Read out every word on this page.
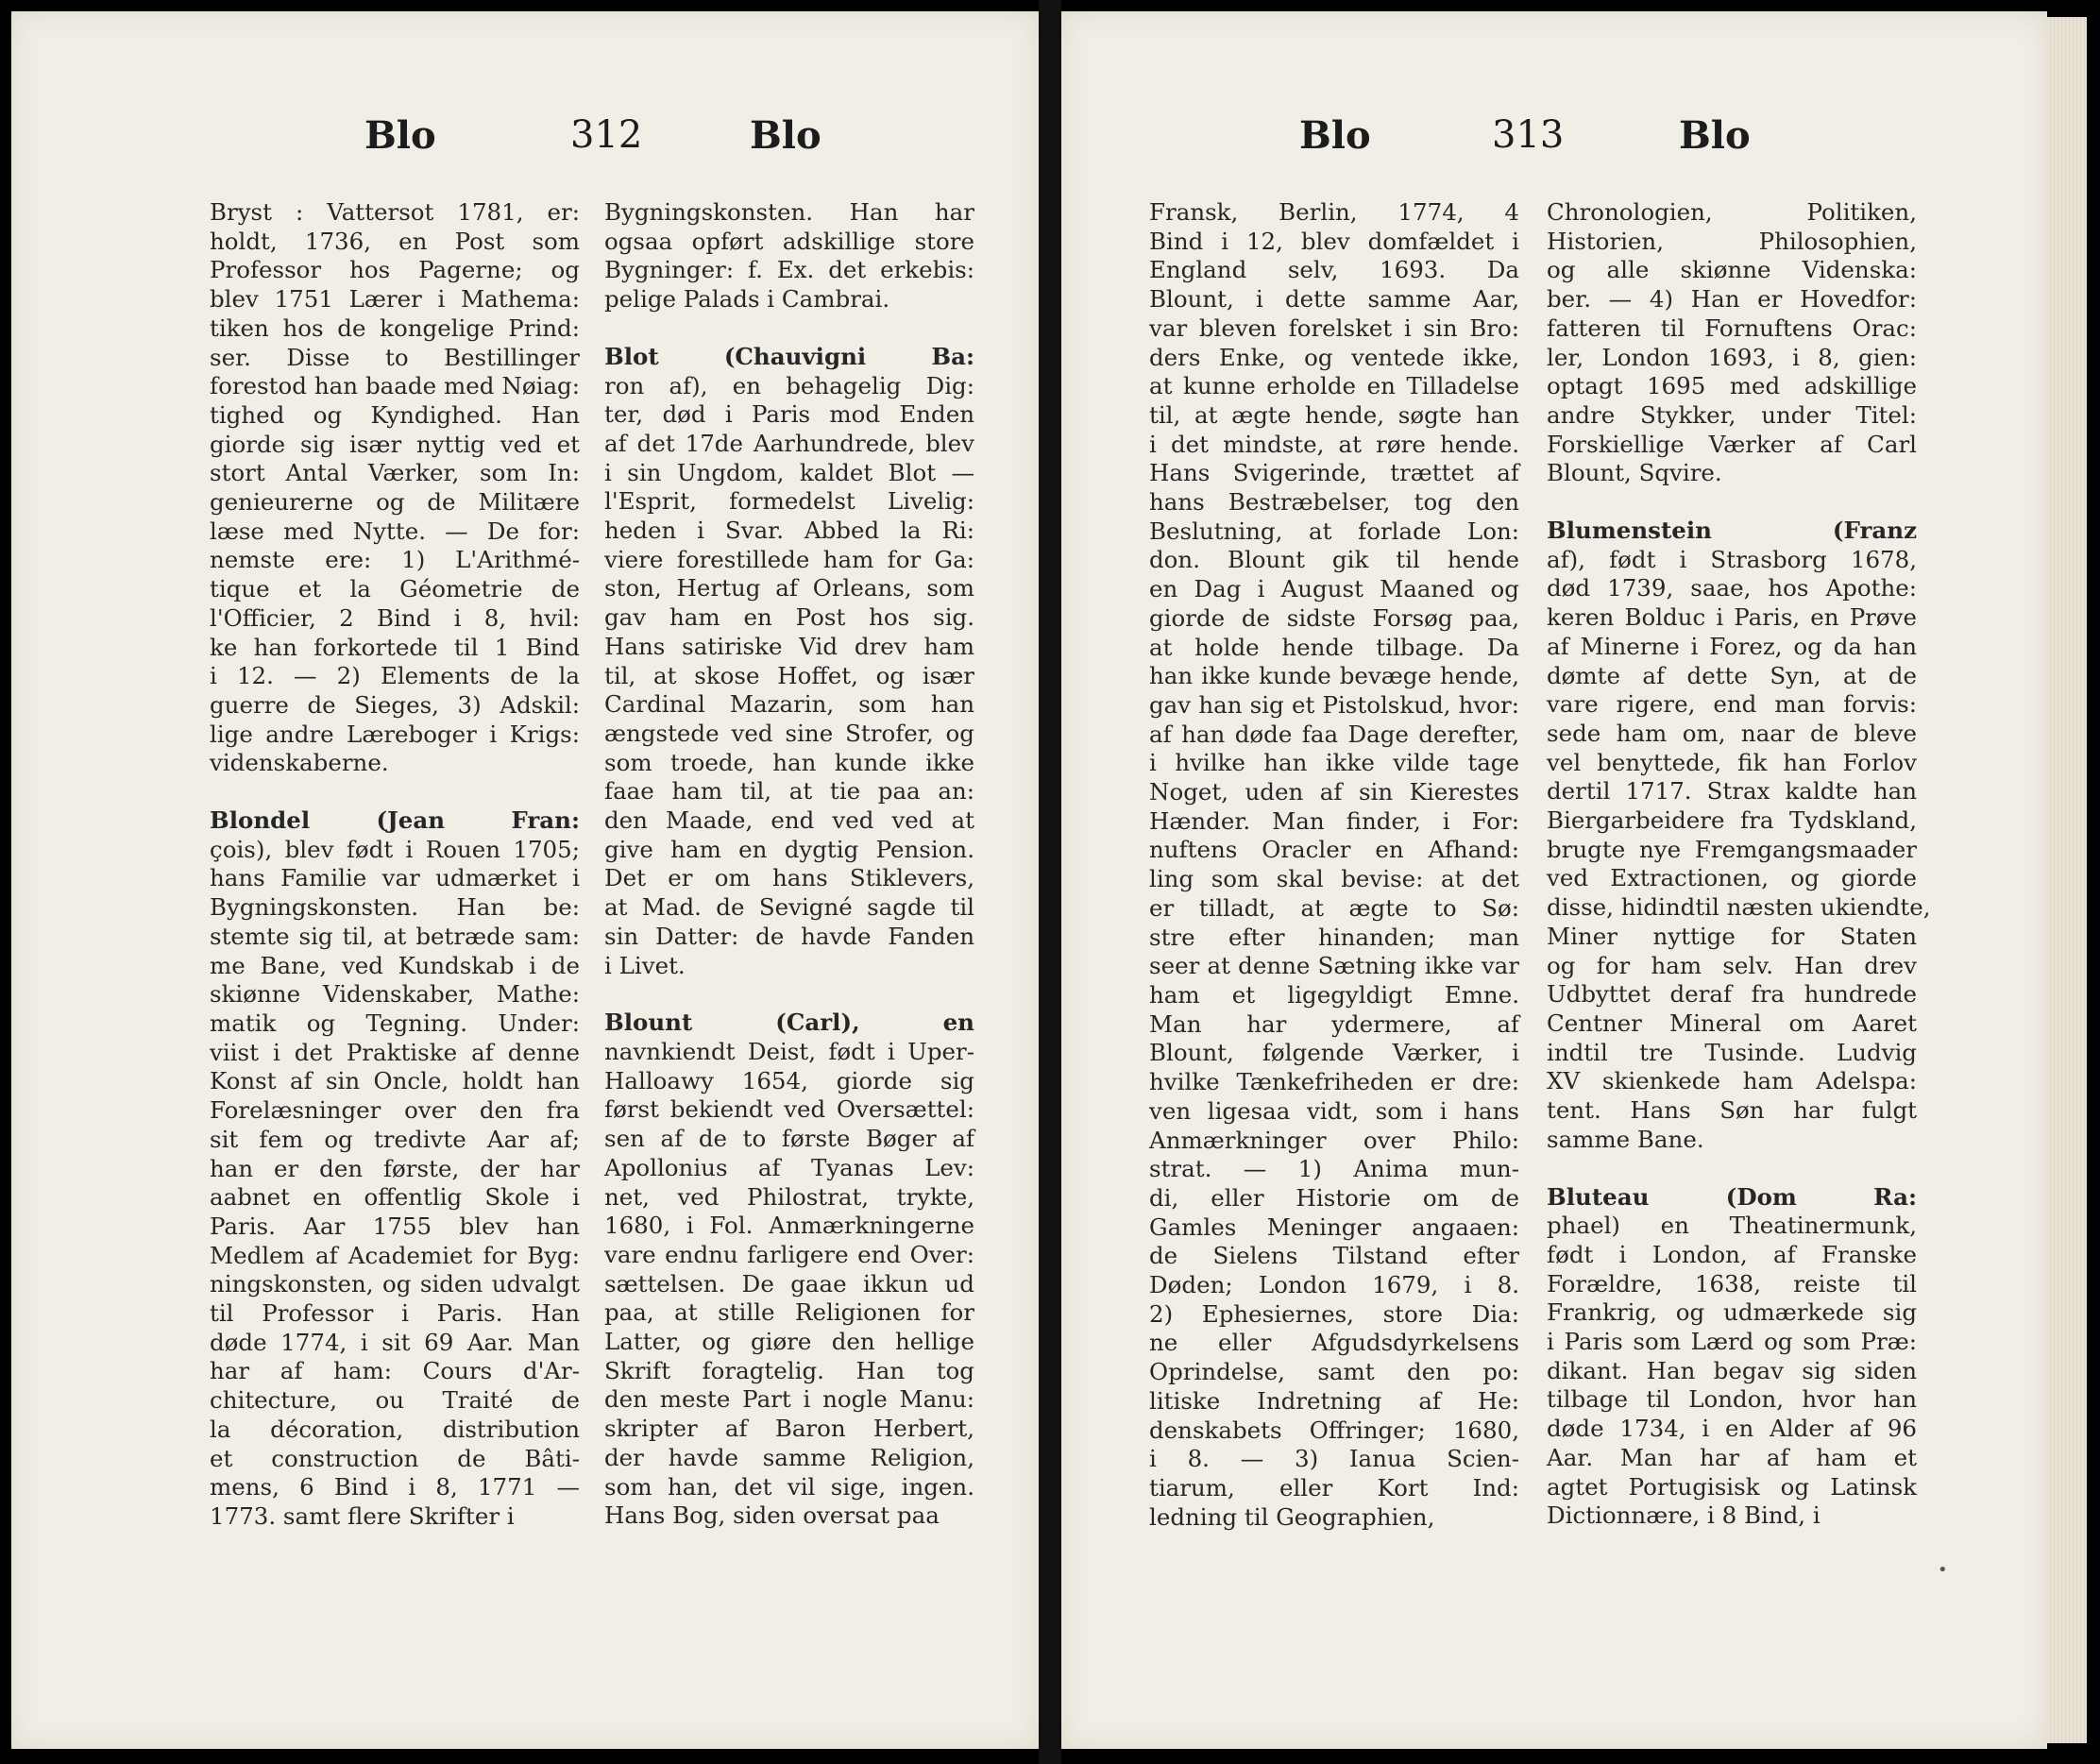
Blo	312	Blo
Bryst : Vattersot 1781, er:
holdt, 1736, en Post som
Professor hos Pagerne; og
blev 1751 Lærer i Mathema:
tiken hos de kongelige Prind:
ser. Disse to Bestillinger
forestod han baade med Nøiag:
tighed og Kyndighed. Han
giorde sig især nyttig ved et
stort Antal Værker, som In:
genieurerne og de Militære
læse med Nytte. — De for:
nemste ere: 1) L'Arithmé-
tique et la Géometrie de
l'Officier, 2 Bind i 8, hvil:
ke han forkortede til 1 Bind
i 12. — 2) Elements de la
guerre de Sieges, 3) Adskil:
lige andre Læreboger i Krigs:
videnskaberne.
Blondel (Jean Fran:
çois), blev født i Rouen 1705;
hans Familie var udmærket i
Bygningskonsten. Han be:
stemte sig til, at betræde sam:
me Bane, ved Kundskab i de
skiønne Videnskaber, Mathe:
matik og Tegning. Under:
viist i det Praktiske af denne
Konst af sin Oncle, holdt han
Forelæsninger over den fra
sit fem og tredivte Aar af;
han er den første, der har
aabnet en offentlig Skole i
Paris. Aar 1755 blev han
Medlem af Academiet for Byg:
ningskonsten, og siden udvalgt
til Professor i Paris. Han
døde 1774, i sit 69 Aar. Man
har af ham: Cours d'Ar-
chitecture, ou Traité de
la décoration, distribution
et construction de Bâti-
mens, 6 Bind i 8, 1771 —
1773. samt flere Skrifter i
Bygningskonsten. Han har
ogsaa opført adskillige store
Bygninger: f. Ex. det erkebis:
pelige Palads i Cambrai.
Blot (Chauvigni Ba:
ron af), en behagelig Dig:
ter, død i Paris mod Enden
af det 17de Aarhundrede, blev
i sin Ungdom, kaldet Blot —
l'Esprit, formedelst Livelig:
heden i Svar. Abbed la Ri:
viere forestillede ham for Ga:
ston, Hertug af Orleans, som
gav ham en Post hos sig.
Hans satiriske Vid drev ham
til, at skose Hoffet, og især
Cardinal Mazarin, som han
ængstede ved sine Strofer, og
som troede, han kunde ikke
faae ham til, at tie paa an:
den Maade, end ved ved at
give ham en dygtig Pension.
Det er om hans Stiklevers,
at Mad. de Sevigné sagde til
sin Datter: de havde Fanden
i Livet.
Blount (Carl), en
navnkiendt Deist, født i Uper-
Halloawy 1654, giorde sig
først bekiendt ved Oversættel:
sen af de to første Bøger af
Apollonius af Tyanas Lev:
net, ved Philostrat, trykte,
1680, i Fol. Anmærkningerne
vare endnu farligere end Over:
sættelsen. De gaae ikkun ud
paa, at stille Religionen for
Latter, og giøre den hellige
Skrift foragtelig. Han tog
den meste Part i nogle Manu:
skripter af Baron Herbert,
der havde samme Religion,
som han, det vil sige, ingen.
Hans Bog, siden oversat paa
Blo	313	Blo
Fransk, Berlin, 1774, 4
Bind i 12, blev domfældet i
England selv, 1693. Da
Blount, i dette samme Aar,
var bleven forelsket i sin Bro:
ders Enke, og ventede ikke,
at kunne erholde en Tilladelse
til, at ægte hende, søgte han
i det mindste, at røre hende.
Hans Svigerinde, trættet af
hans Bestræbelser, tog den
Beslutning, at forlade Lon:
don. Blount gik til hende
en Dag i August Maaned og
giorde de sidste Forsøg paa,
at holde hende tilbage. Da
han ikke kunde bevæge hende,
gav han sig et Pistolskud, hvor:
af han døde faa Dage derefter,
i hvilke han ikke vilde tage
Noget, uden af sin Kierestes
Hænder. Man finder, i For:
nuftens Oracler en Afhand:
ling som skal bevise: at det
er tilladt, at ægte to Sø:
stre efter hinanden; man
seer at denne Sætning ikke var
ham et ligegyldigt Emne.
Man har ydermere, af
Blount, følgende Værker, i
hvilke Tænkefriheden er dre:
ven ligesaa vidt, som i hans
Anmærkninger over Philo:
strat. — 1) Anima mun-
di, eller Historie om de
Gamles Meninger angaaen:
de Sielens Tilstand efter
Døden; London 1679, i 8.
2) Ephesiernes, store Dia:
ne eller Afgudsdyrkelsens
Oprindelse, samt den po:
litiske Indretning af He:
denskabets Offringer; 1680,
i 8. — 3) Ianua Scien-
tiarum, eller Kort Ind:
ledning til Geographien,
Chronologien, Politiken,
Historien, Philosophien,
og alle skiønne Videnska:
ber. — 4) Han er Hovedfor:
fatteren til Fornuftens Orac:
ler, London 1693, i 8, gien:
optagt 1695 med adskillige
andre Stykker, under Titel:
Forskiellige Værker af Carl
Blount, Sqvire.
Blumenstein (Franz
af), født i Strasborg 1678,
død 1739, saae, hos Apothe:
keren Bolduc i Paris, en Prøve
af Minerne i Forez, og da han
dømte af dette Syn, at de
vare rigere, end man forvis:
sede ham om, naar de bleve
vel benyttede, fik han Forlov
dertil 1717. Strax kaldte han
Biergarbeidere fra Tydskland,
brugte nye Fremgangsmaader
ved Extractionen, og giorde
disse, hidindtil næsten ukiendte,
Miner nyttige for Staten
og for ham selv. Han drev
Udbyttet deraf fra hundrede
Centner Mineral om Aaret
indtil tre Tusinde. Ludvig
XV skienkede ham Adelspa:
tent. Hans Søn har fulgt
samme Bane.
Bluteau (Dom Ra:
phael) en Theatinermunk,
født i London, af Franske
Forældre, 1638, reiste til
Frankrig, og udmærkede sig
i Paris som Lærd og som Præ:
dikant. Han begav sig siden
tilbage til London, hvor han
døde 1734, i en Alder af 96
Aar. Man har af ham et
agtet Portugisisk og Latinsk
Dictionnære, i 8 Bind, i
•
